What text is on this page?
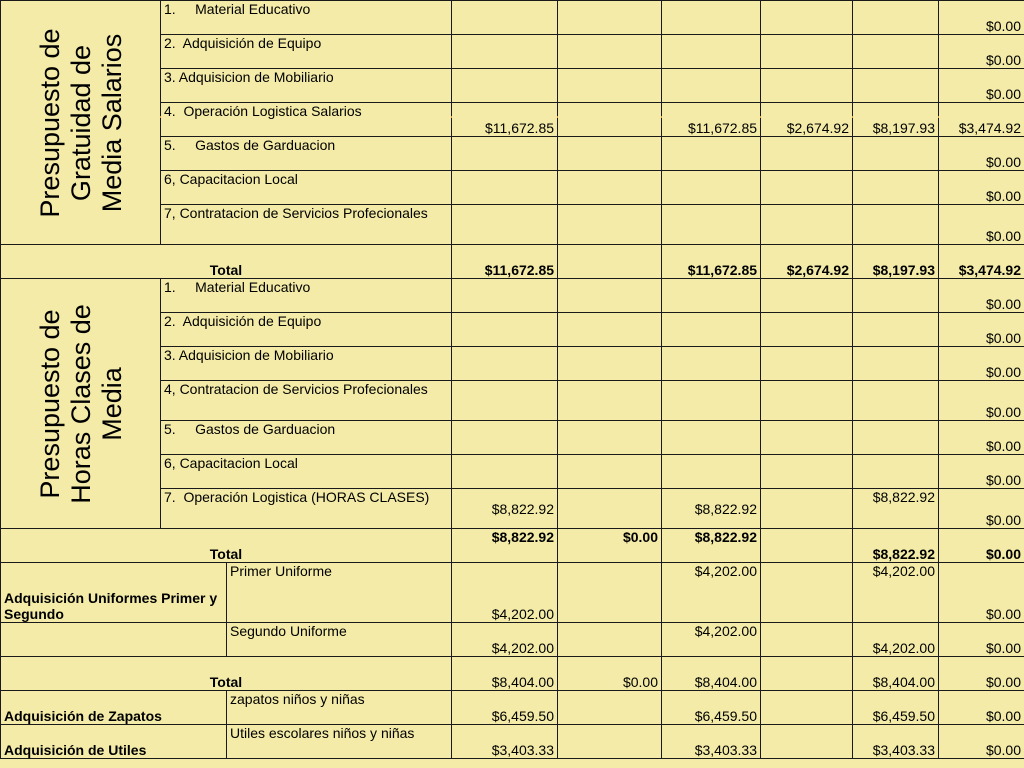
Presupuesto de Gratuidad de Media Salarios	1.     Material Educativo							$0.00
	2.  Adquisición de Equipo							$0.00
	3. Adquisicion de Mobiliario							$0.00
	4.  Operación Logistica Salarios		$11,672.85		$11,672.85	$2,674.92	$8,197.93	$3,474.92
	5.     Gastos de Garduacion							$0.00
	6, Capacitacion Local							$0.00
	7, Contratacion de Servicios Profecionales							$0.00
Total			$11,672.85		$11,672.85	$2,674.92	$8,197.93	$3,474.92

Presupuesto de Horas Clases de Media	1.     Material Educativo							$0.00
	2.  Adquisición de Equipo							$0.00
	3. Adquisicion de Mobiliario							$0.00
	4, Contratacion de Servicios Profecionales							$0.00
	5.     Gastos de Garduacion							$0.00
	6, Capacitacion Local							$0.00
	7.  Operación Logistica (HORAS CLASES)		$8,822.92		$8,822.92		$8,822.92	$0.00
Total			$8,822.92	$0.00	$8,822.92		$8,822.92	$0.00
Adquisición Uniformes Primer y Segundo		Primer Uniforme	$4,202.00		$4,202.00		$4,202.00	$0.00
		Segundo Uniforme	$4,202.00		$4,202.00		$4,202.00	$0.00
Total			$8,404.00	$0.00	$8,404.00		$8,404.00	$0.00
Adquisición de Zapatos		zapatos niños y niñas	$6,459.50		$6,459.50		$6,459.50	$0.00
Adquisición de Utiles		Utiles escolares niños y niñas	$3,403.33		$3,403.33		$3,403.33	$0.00
